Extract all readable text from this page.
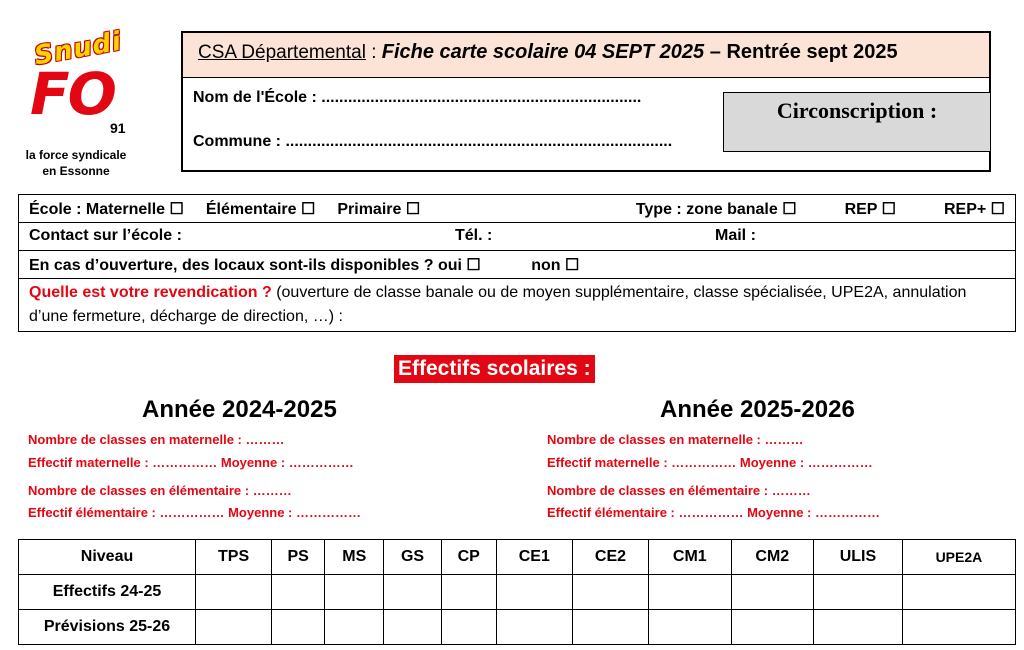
Snudi
FO
91
la force syndicale
en Essonne
CSA Départemental : Fiche carte scolaire 04 SEPT 2025 – Rentrée sept 2025
Nom de l'École : ........................................................................
Commune : .......................................................................................
Circonscription :
École : Maternelle ☐ Élémentaire ☐ Primaire ☐	Type : zone banale ☐	REP ☐	REP+ ☐

Contact sur l’école :	Tél. :	Mail :

En cas d’ouverture, des locaux sont-ils disponibles ? oui ☐	non ☐
Quelle est votre revendication ? (ouverture de classe banale ou de moyen supplémentaire, classe spécialisée, UPE2A, annulation d’une fermeture, décharge de direction, …) :
Effectifs scolaires :
Année 2024-2025
Nombre de classes en maternelle : ………
Effectif maternelle : …………… Moyenne : ……………
Nombre de classes en élémentaire : ………
Effectif élémentaire : …………… Moyenne : ……………
Année 2025-2026
Nombre de classes en maternelle : ………
Effectif maternelle : …………… Moyenne : ……………
Nombre de classes en élémentaire : ………
Effectif élémentaire : …………… Moyenne : ……………
Niveau	TPS	PS	MS	GS	CP	CE1	CE2	CM1	CM2	ULIS	UPE2A
Effectifs 24-25											
Prévisions 25-26											
